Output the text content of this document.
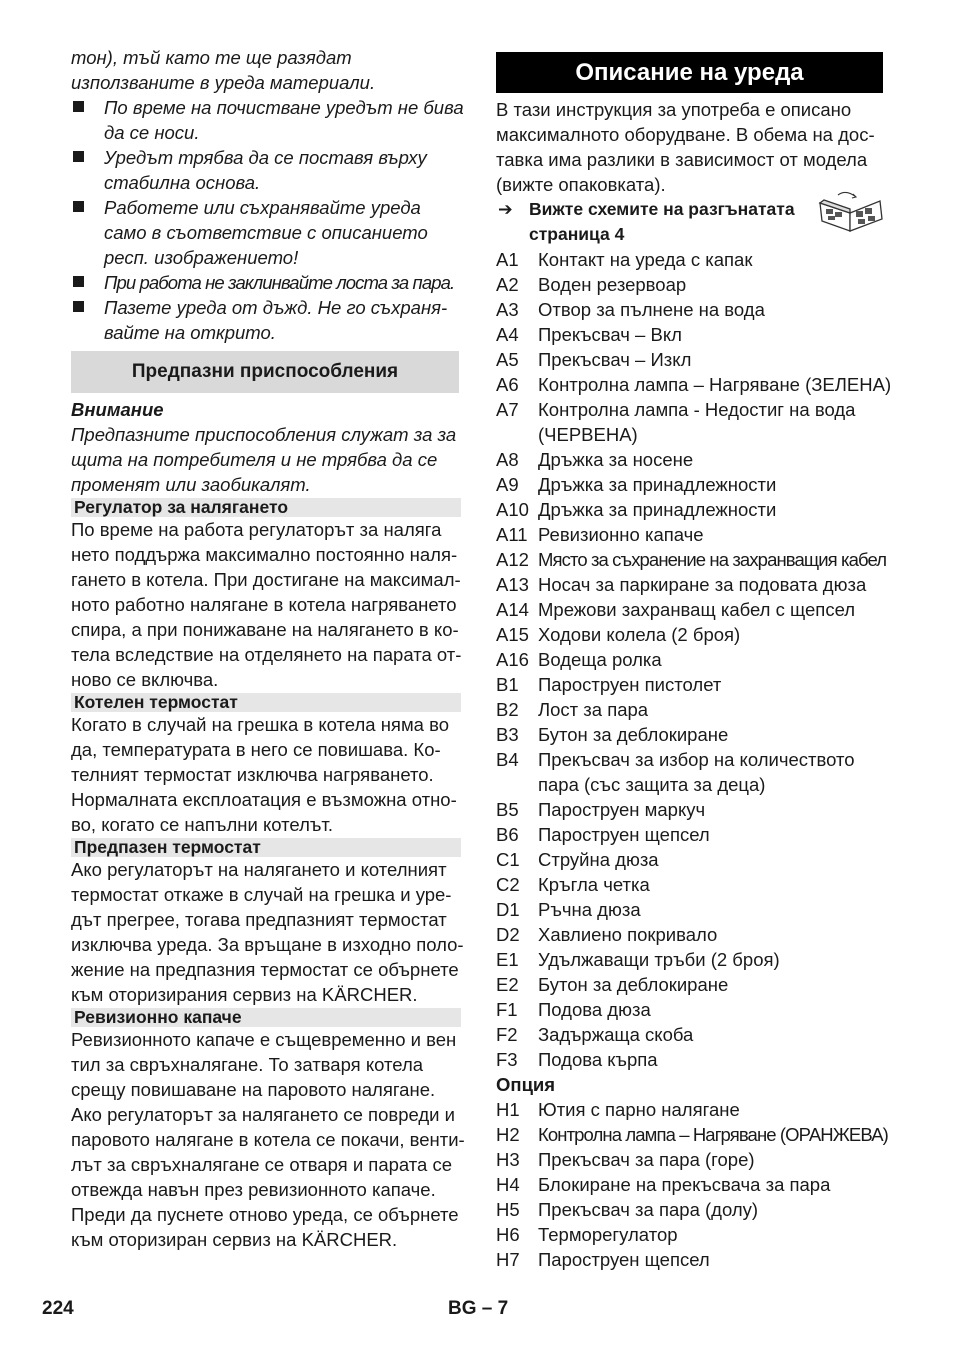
тон), тъй като те ще разядат
използваните в уреда материали.
По време на почистване уредът не бива
да се носи.
Уредът трябва да се поставя върху
стабилна основа.
Работете или съхранявайте уреда
само в съответствие с описанието
респ. изображението!
При работа не заклинвайте лоста за пара.
Пазете уреда от дъжд. Не го съхраня-
вайте на открито.
Предпазни приспособления
Внимание
Предпазните приспособления служат за за
щита на потребителя и не трябва да се
променят или заобикалят.
Регулатор за налягането
По време на работа регулаторът за наляга
нето поддържа максимално постоянно наля-
гането в котела. При достигане на максимал-
ното работно налягане в котела нагряването
спира, а при понижаване на налягането в ко-
тела вследствие на отделянето на парата от-
ново се включва.
Котелен термостат
Когато в случай на грешка в котела няма во
да, температурата в него се повишава. Ко-
телният термостат изключва нагряването.
Нормалната експлоатация е възможна отно-
во, когато се напълни котелът.
Предпазен термостат
Ако регулаторът на налягането и котелният
термостат откаже в случай на грешка и уре-
дът прегрее, тогава предпазният термостат
изключва уреда. За връщане в изходно поло-
жение на предпазния термостат се обърнете
към оторизирания сервиз на KÄRCHER.
Ревизионно капаче
Ревизионното капаче е същевременно и вен
тил за свръхналягане. То затваря котела
срещу повишаване на паровото налягане.
Ако регулаторът за налягането се повреди и
паровото налягане в котела се покачи, венти-
лът за свръхналягане се отваря и парата се
отвежда навън през ревизионното капаче.
Преди да пуснете отново уреда, се обърнете
към оторизиран сервиз на KÄRCHER.
Описание на уреда
В тази инструкция за употреба е описано
максималното оборудване. В обема на дос-
тавка има разлики в зависимост от модела
(вижте опаковката).
➔ Вижте схемите на разгънатата
страница 4
A1 Контакт на уреда с капак
A2 Воден резервоар
A3 Отвор за пълнене на вода
A4 Прекъсвач – Вкл
A5 Прекъсвач – Изкл
A6 Контролна лампа – Нагряване (ЗЕЛЕНА)
A7 Контролна лампа - Недостиг на вода
(ЧЕРВЕНА)
A8 Дръжка за носене
A9 Дръжка за принадлежности
A10 Дръжка за принадлежности
A11 Ревизионно капаче
A12 Място за съхранение на захранващия кабел
A13 Носач за паркиране за подовата дюза
A14 Мрежови захранващ кабел с щепсел
A15 Ходови колела (2 броя)
A16 Водеща ролка
B1 Пароструен пистолет
B2 Лост за пара
B3 Бутон за деблокиране
B4 Прекъсвач за избор на количеството
пара (със защита за деца)
B5 Пароструен маркуч
B6 Пароструен щепсел
C1 Струйна дюза
C2 Кръгла четка
D1 Ръчна дюза
D2 Хавлиено покривало
E1 Удължаващи тръби (2 броя)
E2 Бутон за деблокиране
F1 Подова дюза
F2 Задържаща скоба
F3 Подова кърпа
Опция
H1 Ютия с парно налягане
H2 Контролна лампа – Нагряване (ОРАНЖЕВА)
H3 Прекъсвач за пара (горе)
H4 Блокиране на прекъсвача за пара
H5 Прекъсвач за пара (долу)
H6 Терморегулатор
H7 Пароструен щепсел
224	BG – 7
